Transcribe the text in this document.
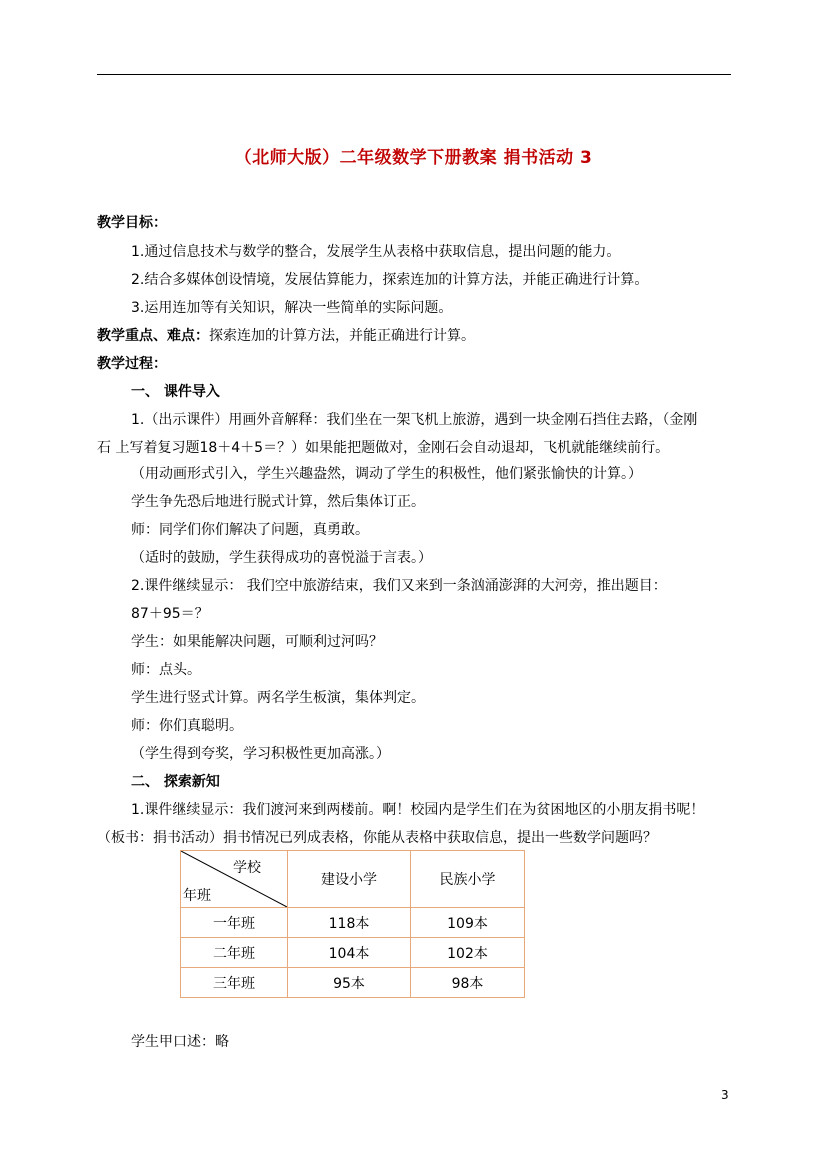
（北师大版）二年级数学下册教案 捐书活动 3
教学目标：
1.通过信息技术与数学的整合，发展学生从表格中获取信息，提出问题的能力。
2.结合多媒体创设情境，发展估算能力，探索连加的计算方法，并能正确进行计算。
3.运用连加等有关知识，解决一些简单的实际问题。
教学重点、难点：探索连加的计算方法，并能正确进行计算。
教学过程：
一、 课件导入
1.（出示课件）用画外音解释：我们坐在一架飞机上旅游，遇到一块金刚石挡住去路，（金刚
石 上写着复习题18＋4＋5＝？）如果能把题做对，金刚石会自动退却，飞机就能继续前行。
（用动画形式引入，学生兴趣盎然，调动了学生的积极性，他们紧张愉快的计算。）
学生争先恐后地进行脱式计算，然后集体订正。
师：同学们你们解决了问题，真勇敢。
（适时的鼓励，学生获得成功的喜悦溢于言表。）
2.课件继续显示： 我们空中旅游结束，我们又来到一条汹涌澎湃的大河旁，推出题目：
87＋95＝？
学生：如果能解决问题，可顺利过河吗？
师：点头。
学生进行竖式计算。两名学生板演，集体判定。
师：你们真聪明。
（学生得到夸奖，学习积极性更加高涨。）
二、 探索新知
1.课件继续显示：我们渡河来到两楼前。啊！校园内是学生们在为贫困地区的小朋友捐书呢！
（板书：捐书活动）捐书情况已列成表格，你能从表格中获取信息，提出一些数学问题吗？
学校
年班	建设小学	民族小学
一年班	118本	109本
二年班	104本	102本
三年班	95本	98本
学生甲口述：略
3
